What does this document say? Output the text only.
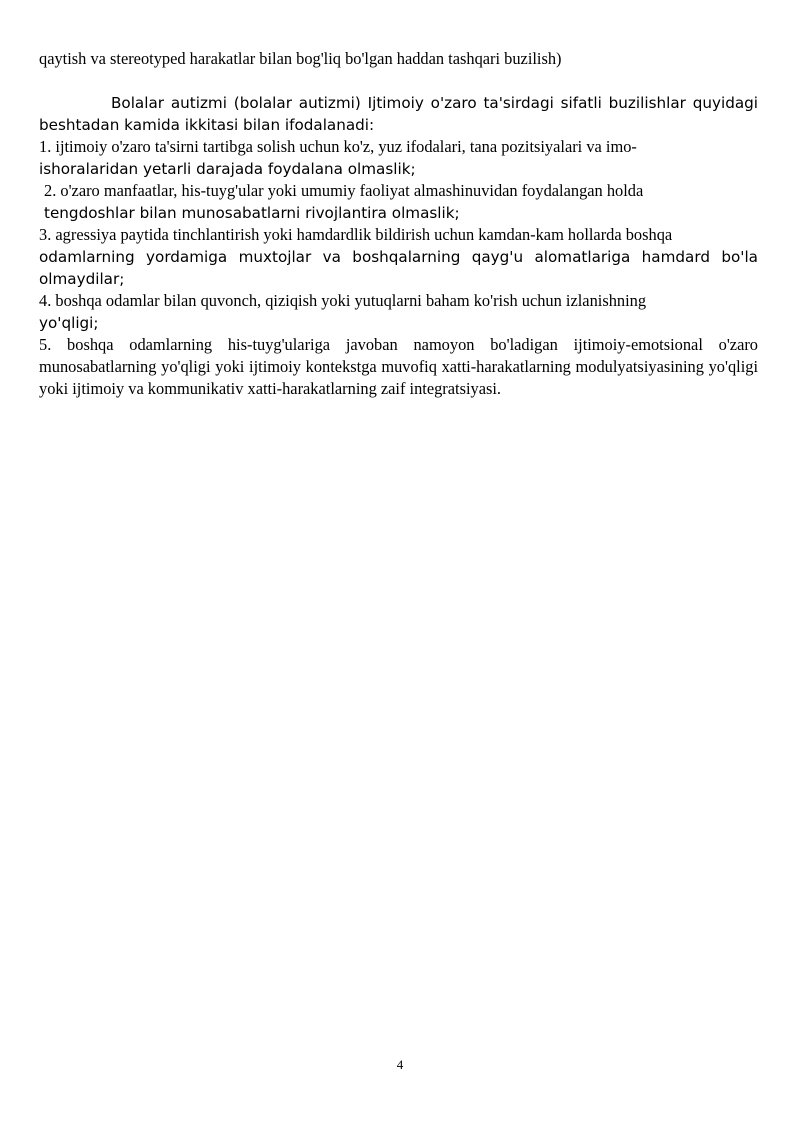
qaytish va stereotyped harakatlar bilan bog'liq bo'lgan haddan tashqari buzilish)

Bolalar autizmi (bolalar autizmi) Ijtimoiy o'zaro ta'sirdagi sifatli buzilishlar quyidagi beshtadan kamida ikkitasi bilan ifodalanadi:

1. ijtimoiy o'zaro ta'sirni tartibga solish uchun ko'z, yuz ifodalari, tana pozitsiyalari va imo-
ishoralaridan yetarli darajada foydalana olmaslik;

2. o'zaro manfaatlar, his-tuyg'ular yoki umumiy faoliyat almashinuvidan foydalangan holda
tengdoshlar bilan munosabatlarni rivojlantira olmaslik;

3. agressiya paytida tinchlantirish yoki hamdardlik bildirish uchun kamdan-kam hollarda boshqa
odamlarning yordamiga muxtojlar va boshqalarning qayg'u alomatlariga hamdard bo'la olmaydilar;

4. boshqa odamlar bilan quvonch, qiziqish yoki yutuqlarni baham ko'rish uchun izlanishning
yo'qligi;

5. boshqa odamlarning his-tuyg'ulariga javoban namoyon bo'ladigan ijtimoiy-emotsional o'zaro munosabatlarning yo'qligi yoki ijtimoiy kontekstga muvofiq xatti-harakatlarning modulyatsiyasining yo'qligi yoki ijtimoiy va kommunikativ xatti-harakatlarning zaif integratsiyasi.

4
